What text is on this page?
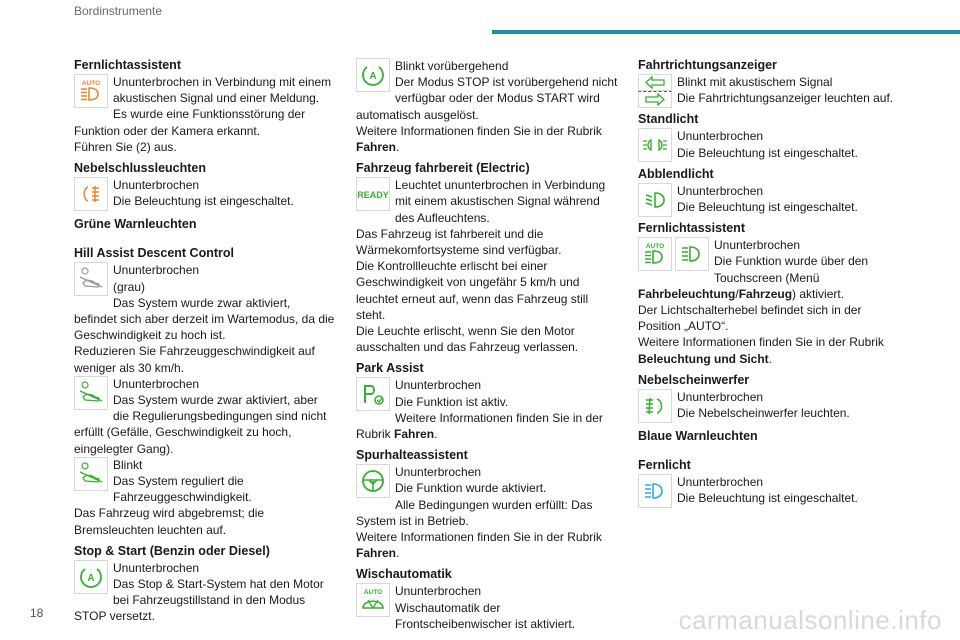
Bordinstrumente
Fernlichtassistent
AUTO Ununterbrochen in Verbindung mit einem akustischen Signal und einer Meldung.
Es wurde eine Funktionsstörung der Funktion oder der Kamera erkannt.
Führen Sie (2) aus.
Nebelschlussleuchten
Ununterbrochen
Die Beleuchtung ist eingeschaltet.
Grüne Warnleuchten
Hill Assist Descent Control
Ununterbrochen
(grau)
Das System wurde zwar aktiviert, befindet sich aber derzeit im Wartemodus, da die Geschwindigkeit zu hoch ist.
Reduzieren Sie Fahrzeuggeschwindigkeit auf weniger als 30 km/h.
Ununterbrochen
Das System wurde zwar aktiviert, aber die Regulierungsbedingungen sind nicht erfüllt (Gefälle, Geschwindigkeit zu hoch, eingelegter Gang).
Blinkt
Das System reguliert die Fahrzeuggeschwindigkeit.
Das Fahrzeug wird abgebremst; die Bremsleuchten leuchten auf.
Stop & Start (Benzin oder Diesel)
A
Ununterbrochen
Das Stop & Start-System hat den Motor bei Fahrzeugstillstand in den Modus STOP versetzt.
A
Blinkt vorübergehend
Der Modus STOP ist vorübergehend nicht verfügbar oder der Modus START wird automatisch ausgelöst.
Weitere Informationen finden Sie in der Rubrik Fahren.
Fahrzeug fahrbereit (Electric)
READY
Leuchtet ununterbrochen in Verbindung mit einem akustischen Signal während des Aufleuchtens.
Das Fahrzeug ist fahrbereit und die Wärmekomfortsysteme sind verfügbar.
Die Kontrollleuchte erlischt bei einer Geschwindigkeit von ungefähr 5 km/h und leuchtet erneut auf, wenn das Fahrzeug still steht.
Die Leuchte erlischt, wenn Sie den Motor ausschalten und das Fahrzeug verlassen.
Park Assist
Ununterbrochen
Die Funktion ist aktiv.
Weitere Informationen finden Sie in der Rubrik Fahren.
Spurhalteassistent
Ununterbrochen
Die Funktion wurde aktiviert.
Alle Bedingungen wurden erfüllt: Das System ist in Betrieb.
Weitere Informationen finden Sie in der Rubrik Fahren.
Wischautomatik
AUTO	Ununterbrochen
Wischautomatik der Frontscheibenwischer ist aktiviert.
Fahrtrichtungsanzeiger
Blinkt mit akustischem Signal
Die Fahrtrichtungsanzeiger leuchten auf.
Standlicht
Ununterbrochen
Die Beleuchtung ist eingeschaltet.
Abblendlicht
Ununterbrochen
Die Beleuchtung ist eingeschaltet.
Fernlichtassistent
AUTO	Ununterbrochen
Die Funktion wurde über den Touchscreen (Menü Fahrbeleuchtung/Fahrzeug) aktiviert.
Der Lichtschalterhebel befindet sich in der Position „AUTO“.
Weitere Informationen finden Sie in der Rubrik Beleuchtung und Sicht.
Nebelscheinwerfer
Ununterbrochen
Die Nebelscheinwerfer leuchten.
Blaue Warnleuchten
Fernlicht
Ununterbrochen
Die Beleuchtung ist eingeschaltet.
18	carmanualsonline.info
